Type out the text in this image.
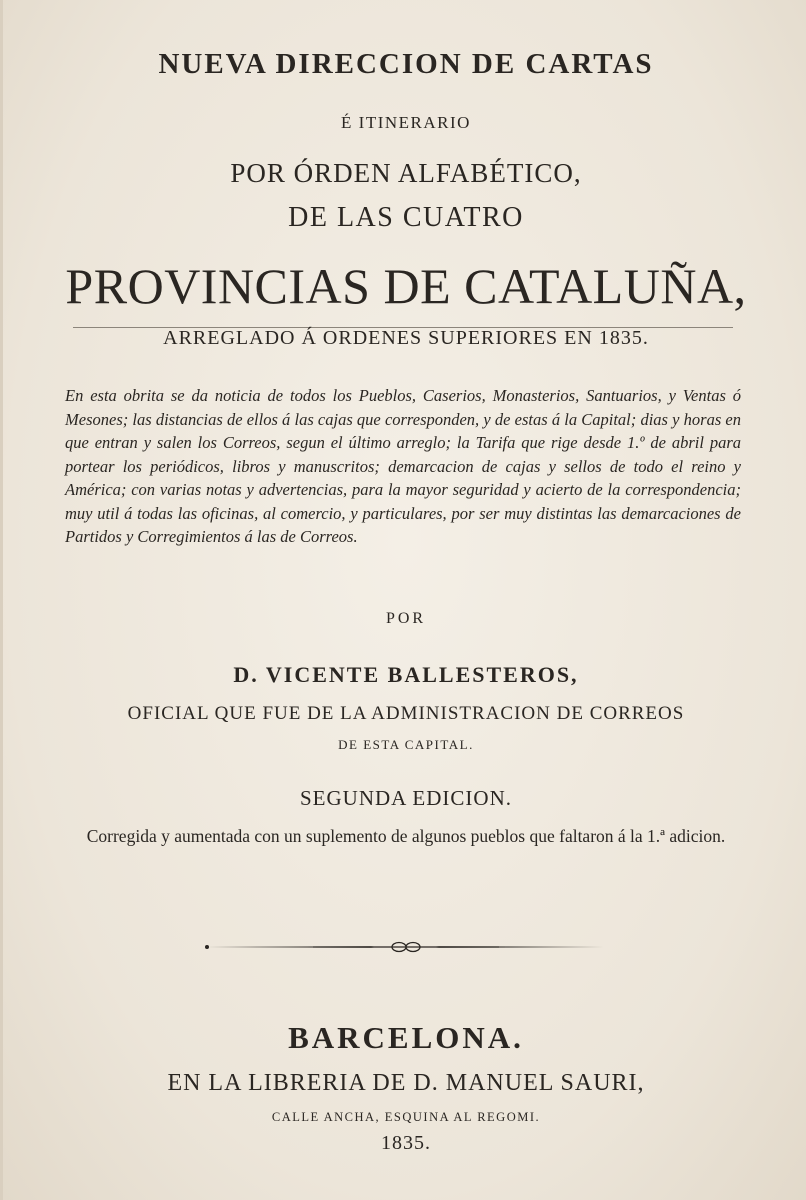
NUEVA DIRECCION DE CARTAS
É ITINERARIO
POR ÓRDEN ALFABÉTICO,
DE LAS CUATRO
PROVINCIAS DE CATALUÑA,
ARREGLADO Á ORDENES SUPERIORES EN 1835.
En esta obrita se da noticia de todos los Pueblos, Caserios, Monasterios, Santuarios, y Ventas ó Mesones; las distancias de ellos á las cajas que corresponden, y de estas á la Capital; dias y horas en que entran y salen los Correos, segun el último arreglo; la Tarifa que rige desde 1.º de abril para portear los periódicos, libros y manuscritos; demarcacion de cajas y sellos de todo el reino y América; con varias notas y advertencias, para la mayor seguridad y acierto de la correspondencia; muy util á todas las oficinas, al comercio, y particulares, por ser muy distintas las demarcaciones de Partidos y Corregimientos á las de Correos.
POR
D. VICENTE BALLESTEROS,
OFICIAL QUE FUE DE LA ADMINISTRACION DE CORREOS
DE ESTA CAPITAL.
SEGUNDA EDICION.
Corregida y aumentada con un suplemento de algunos pueblos que faltaron á la 1.ª adicion.
BARCELONA.
EN LA LIBRERIA DE D. MANUEL SAURI,
CALLE ANCHA, ESQUINA AL REGOMI.
1835.
